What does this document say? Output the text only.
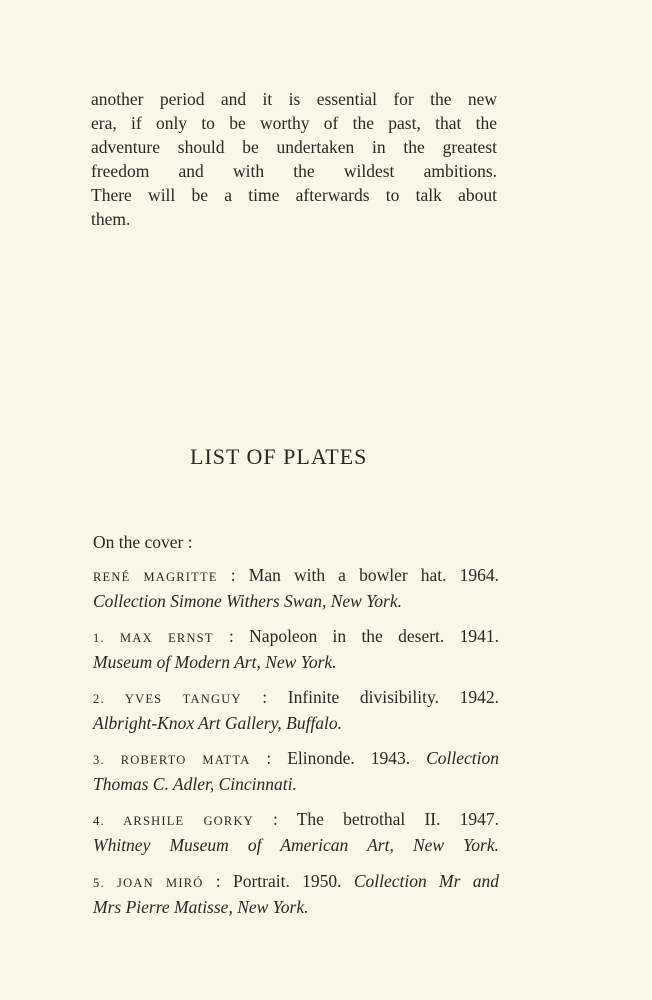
another period and it is essential for the new
era, if only to be worthy of the past, that the
adventure should be undertaken in the greatest
freedom and with the wildest ambitions.
There will be a time afterwards to talk about
them.
LIST OF PLATES

On the cover :

RENÉ MAGRITTE : Man with a bowler hat. 1964.
Collection Simone Withers Swan, New York.
1. MAX ERNST : Napoleon in the desert. 1941.
Museum of Modern Art, New York.
2. YVES TANGUY : Infinite divisibility. 1942.
Albright-Knox Art Gallery, Buffalo.
3. ROBERTO MATTA : Elinonde. 1943. Collection
Thomas C. Adler, Cincinnati.
4. ARSHILE GORKY : The betrothal II. 1947.
Whitney Museum of American Art, New York.
5. JOAN MIRÓ : Portrait. 1950. Collection Mr and
Mrs Pierre Matisse, New York.
